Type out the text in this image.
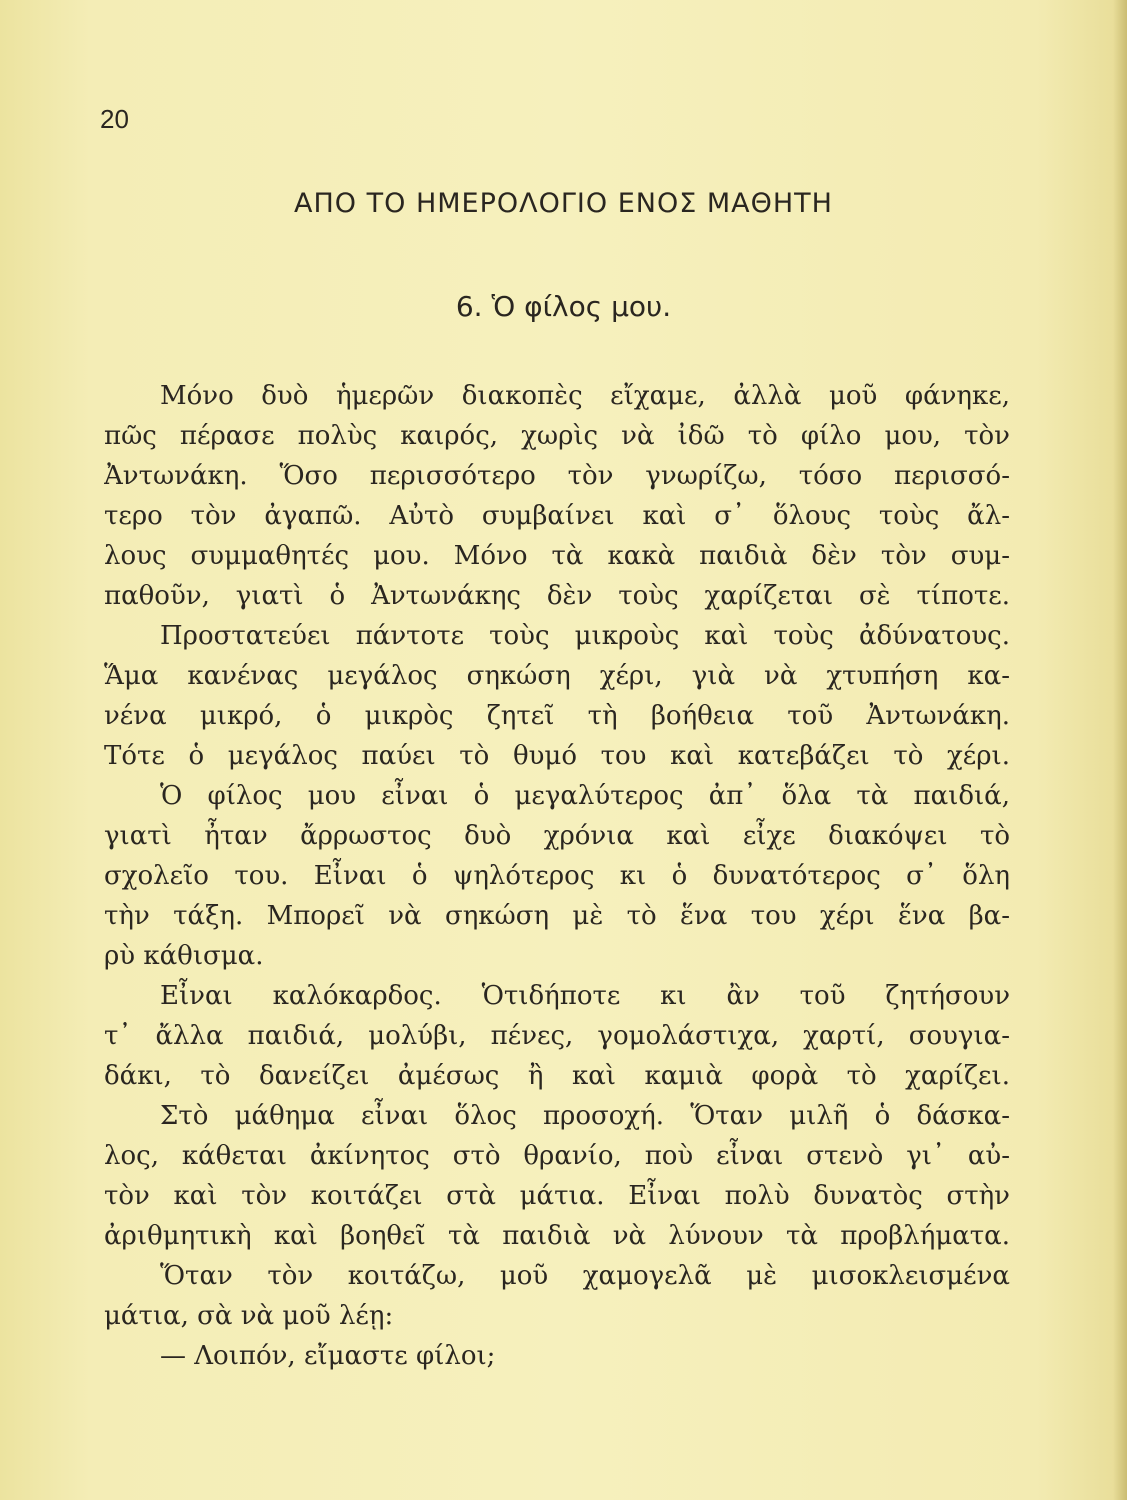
20
ΑΠΟ ΤΟ ΗΜΕΡΟΛΟΓΙΟ ΕΝΟΣ ΜΑΘΗΤΗ
6. Ὁ φίλος μου.
Μόνο δυὸ ἡμερῶν διακοπὲς εἴχαμε, ἀλλὰ μοῦ φάνηκε,
πῶς πέρασε πολὺς καιρός, χωρὶς νὰ ἰδῶ τὸ φίλο μου, τὸν
Ἀντωνάκη. Ὅσο περισσότερο τὸν γνωρίζω, τόσο περισσό-
τερο τὸν ἀγαπῶ. Αὐτὸ συμβαίνει καὶ σ᾽ ὅλους τοὺς ἄλ-
λους συμμαθητές μου. Μόνο τὰ κακὰ παιδιὰ δὲν τὸν συμ-
παθοῦν, γιατὶ ὁ Ἀντωνάκης δὲν τοὺς χαρίζεται σὲ τίποτε.
Προστατεύει πάντοτε τοὺς μικροὺς καὶ τοὺς ἀδύνατους.
Ἅμα κανένας μεγάλος σηκώση χέρι, γιὰ νὰ χτυπήση κα-
νένα μικρό, ὁ μικρὸς ζητεῖ τὴ βοήθεια τοῦ Ἀντωνάκη.
Τότε ὁ μεγάλος παύει τὸ θυμό του καὶ κατεβάζει τὸ χέρι.
Ὁ φίλος μου εἶναι ὁ μεγαλύτερος ἀπ᾽ ὅλα τὰ παιδιά,
γιατὶ ἦταν ἄρρωστος δυὸ χρόνια καὶ εἶχε διακόψει τὸ
σχολεῖο του. Εἶναι ὁ ψηλότερος κι ὁ δυνατότερος σ᾽ ὅλη
τὴν τάξη. Μπορεῖ νὰ σηκώση μὲ τὸ ἕνα του χέρι ἕνα βα-
ρὺ κάθισμα.
Εἶναι καλόκαρδος. Ὁτιδήποτε κι ἂν τοῦ ζητήσουν
τ᾽ ἄλλα παιδιά, μολύβι, πένες, γομολάστιχα, χαρτί, σουγια-
δάκι, τὸ δανείζει ἀμέσως ἢ καὶ καμιὰ φορὰ τὸ χαρίζει.
Στὸ μάθημα εἶναι ὅλος προσοχή. Ὅταν μιλῆ ὁ δάσκα-
λος, κάθεται ἀκίνητος στὸ θρανίο, ποὺ εἶναι στενὸ γι᾽ αὐ-
τὸν καὶ τὸν κοιτάζει στὰ μάτια. Εἶναι πολὺ δυνατὸς στὴν
ἀριθμητικὴ καὶ βοηθεῖ τὰ παιδιὰ νὰ λύνουν τὰ προβλήματα.
Ὅταν τὸν κοιτάζω, μοῦ χαμογελᾶ μὲ μισοκλεισμένα
μάτια, σὰ νὰ μοῦ λέῃ:
— Λοιπόν, εἴμαστε φίλοι;
